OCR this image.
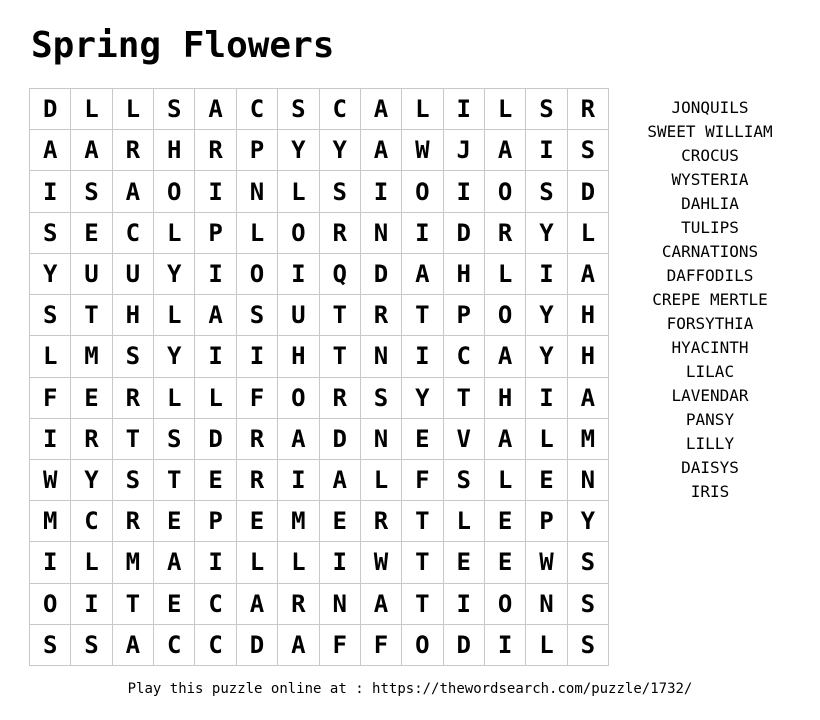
Spring Flowers
D	L	L	S	A	C	S	C	A	L	I	L	S	R
A	A	R	H	R	P	Y	Y	A	W	J	A	I	S
I	S	A	O	I	N	L	S	I	O	I	O	S	D
S	E	C	L	P	L	O	R	N	I	D	R	Y	L
Y	U	U	Y	I	O	I	Q	D	A	H	L	I	A
S	T	H	L	A	S	U	T	R	T	P	O	Y	H
L	M	S	Y	I	I	H	T	N	I	C	A	Y	H
F	E	R	L	L	F	O	R	S	Y	T	H	I	A
I	R	T	S	D	R	A	D	N	E	V	A	L	M
W	Y	S	T	E	R	I	A	L	F	S	L	E	N
M	C	R	E	P	E	M	E	R	T	L	E	P	Y
I	L	M	A	I	L	L	I	W	T	E	E	W	S
O	I	T	E	C	A	R	N	A	T	I	O	N	S
S	S	A	C	C	D	A	F	F	O	D	I	L	S
JONQUILS
SWEET WILLIAM
CROCUS
WYSTERIA
DAHLIA
TULIPS
CARNATIONS
DAFFODILS
CREPE MERTLE
FORSYTHIA
HYACINTH
LILAC
LAVENDAR
PANSY
LILLY
DAISYS
IRIS
Play this puzzle online at : https://thewordsearch.com/puzzle/1732/
